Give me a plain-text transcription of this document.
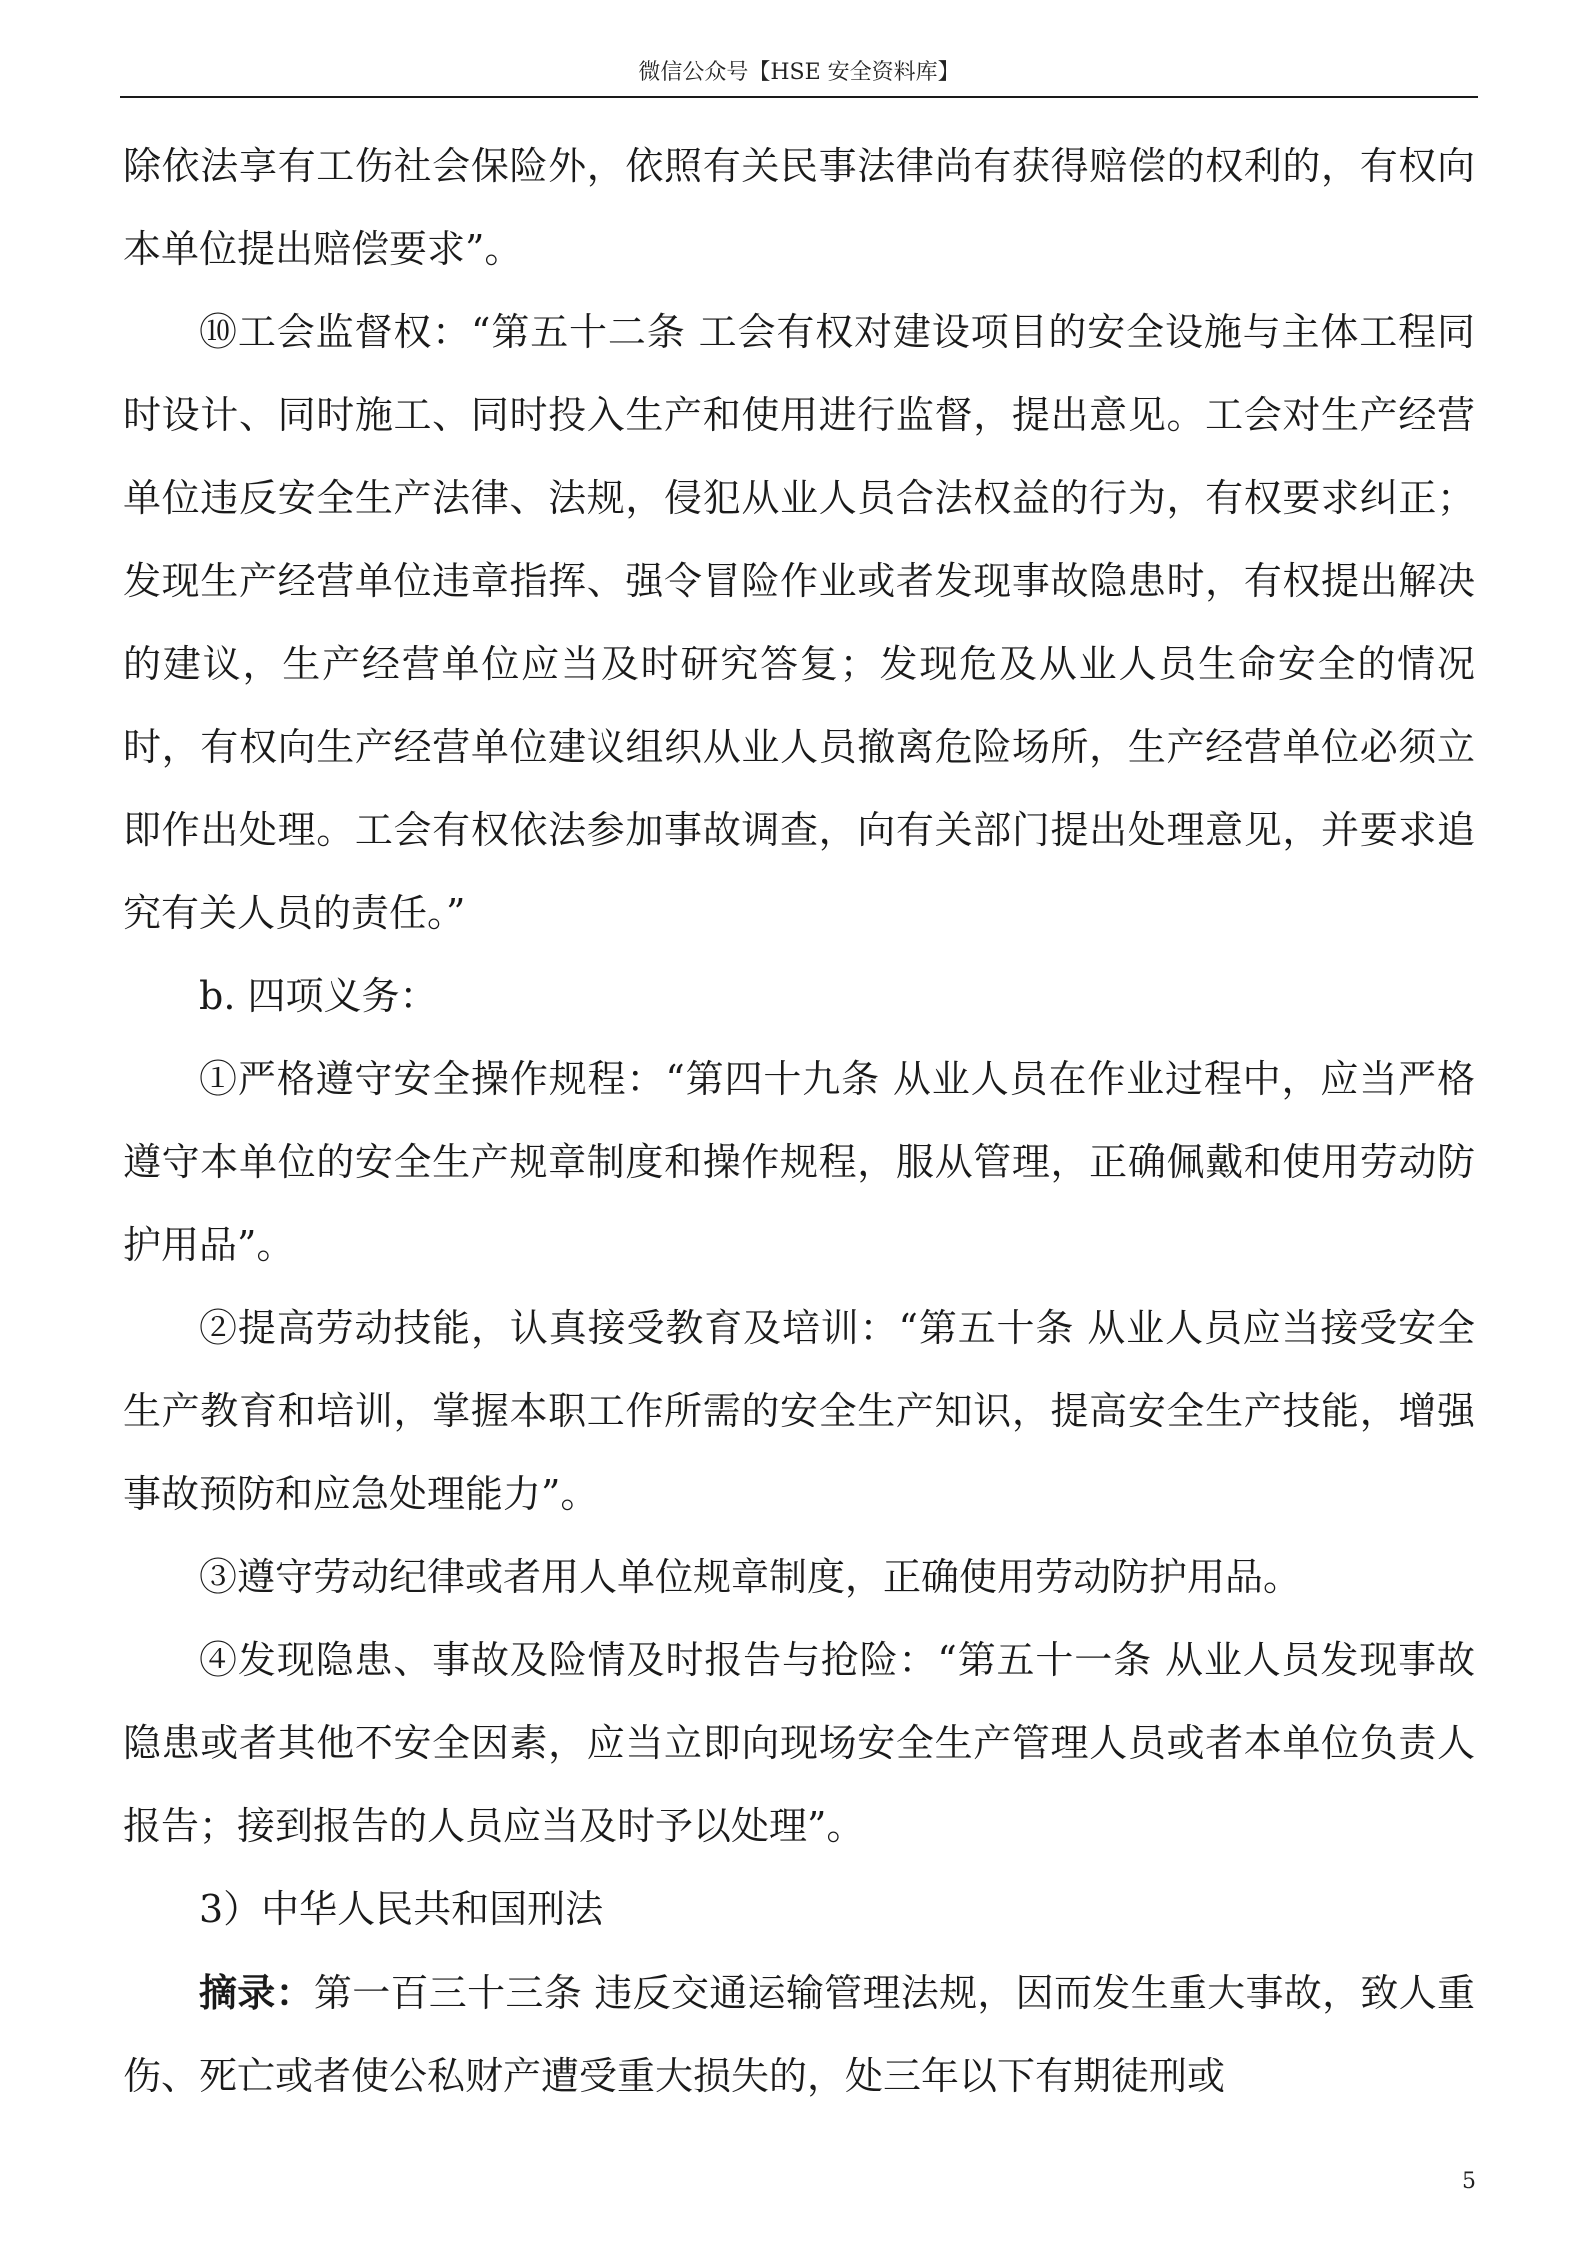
微信公众号【HSE 安全资料库】

除依法享有工伤社会保险外，依照有关民事法律尚有获得赔偿的权利的，有权向本单位提出赔偿要求”。

⑩工会监督权：“第五十二条 工会有权对建设项目的安全设施与主体工程同时设计、同时施工、同时投入生产和使用进行监督，提出意见。工会对生产经营单位违反安全生产法律、法规，侵犯从业人员合法权益的行为，有权要求纠正；发现生产经营单位违章指挥、强令冒险作业或者发现事故隐患时，有权提出解决的建议，生产经营单位应当及时研究答复；发现危及从业人员生命安全的情况时，有权向生产经营单位建议组织从业人员撤离危险场所，生产经营单位必须立即作出处理。工会有权依法参加事故调查，向有关部门提出处理意见，并要求追究有关人员的责任。”

b. 四项义务：

①严格遵守安全操作规程：“第四十九条 从业人员在作业过程中，应当严格遵守本单位的安全生产规章制度和操作规程，服从管理，正确佩戴和使用劳动防护用品”。

②提高劳动技能，认真接受教育及培训：“第五十条 从业人员应当接受安全生产教育和培训，掌握本职工作所需的安全生产知识，提高安全生产技能，增强事故预防和应急处理能力”。

③遵守劳动纪律或者用人单位规章制度，正确使用劳动防护用品。

④发现隐患、事故及险情及时报告与抢险：“第五十一条 从业人员发现事故隐患或者其他不安全因素，应当立即向现场安全生产管理人员或者本单位负责人报告；接到报告的人员应当及时予以处理”。

3）中华人民共和国刑法

摘录：第一百三十三条 违反交通运输管理法规，因而发生重大事故，致人重伤、死亡或者使公私财产遭受重大损失的，处三年以下有期徒刑或

5
